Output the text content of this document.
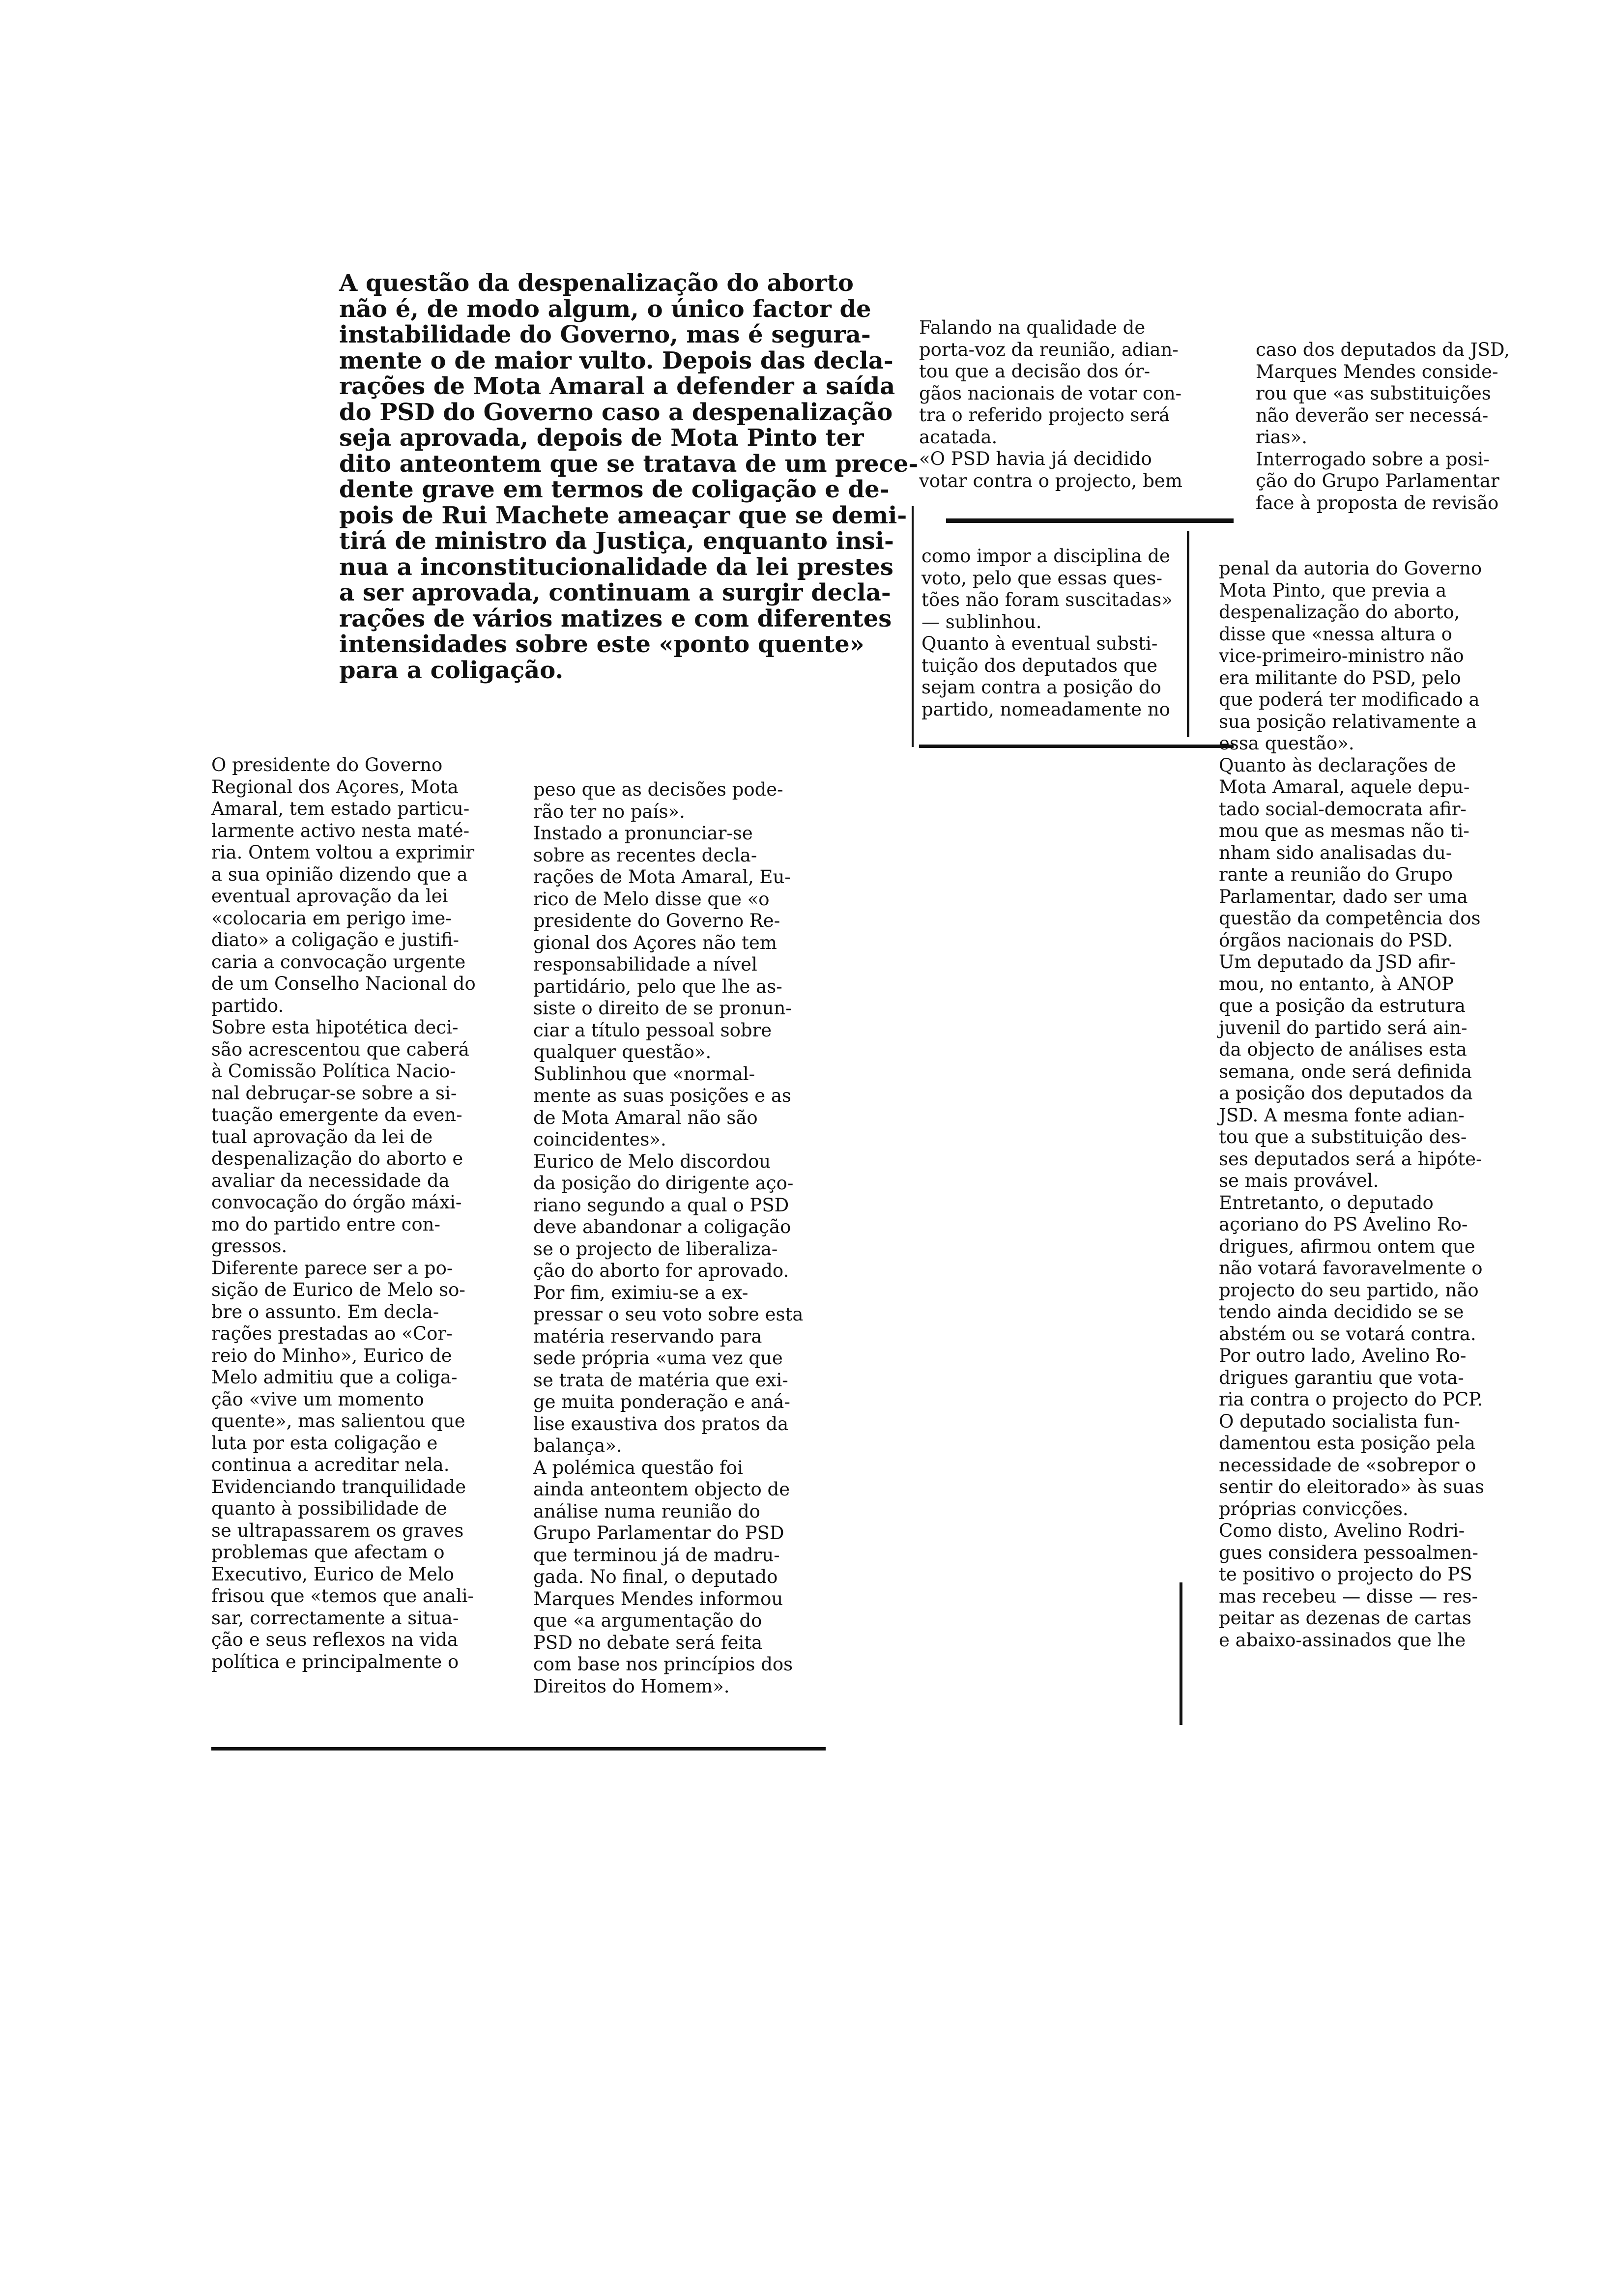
A questão da despenalização do aborto
não é, de modo algum, o único factor de
instabilidade do Governo, mas é segura-
mente o de maior vulto. Depois das decla-
rações de Mota Amaral a defender a saída
do PSD do Governo caso a despenalização
seja aprovada, depois de Mota Pinto ter
dito anteontem que se tratava de um prece-
dente grave em termos de coligação e de-
pois de Rui Machete ameaçar que se demi-
tirá de ministro da Justiça, enquanto insi-
nua a inconstitucionalidade da lei prestes
a ser aprovada, continuam a surgir decla-
rações de vários matizes e com diferentes
intensidades sobre este «ponto quente»
para a coligação.

O presidente do Governo
Regional dos Açores, Mota
Amaral, tem estado particu-
larmente activo nesta maté-
ria. Ontem voltou a exprimir
a sua opinião dizendo que a
eventual aprovação da lei
«colocaria em perigo ime-
diato» a coligação e justifi-
caria a convocação urgente
de um Conselho Nacional do
partido.
Sobre esta hipotética deci-
são acrescentou que caberá
à Comissão Política Nacio-
nal debruçar-se sobre a si-
tuação emergente da even-
tual aprovação da lei de
despenalização do aborto e
avaliar da necessidade da
convocação do órgão máxi-
mo do partido entre con-
gressos.
Diferente parece ser a po-
sição de Eurico de Melo so-
bre o assunto. Em decla-
rações prestadas ao «Cor-
reio do Minho», Eurico de
Melo admitiu que a coliga-
ção «vive um momento
quente», mas salientou que
luta por esta coligação e
continua a acreditar nela.
Evidenciando tranquilidade
quanto à possibilidade de
se ultrapassarem os graves
problemas que afectam o
Executivo, Eurico de Melo
frisou que «temos que anali-
sar, correctamente a situa-
ção e seus reflexos na vida
política e principalmente o

peso que as decisões pode-
rão ter no país».
Instado a pronunciar-se
sobre as recentes decla-
rações de Mota Amaral, Eu-
rico de Melo disse que «o
presidente do Governo Re-
gional dos Açores não tem
responsabilidade a nível
partidário, pelo que lhe as-
siste o direito de se pronun-
ciar a título pessoal sobre
qualquer questão».
Sublinhou que «normal-
mente as suas posições e as
de Mota Amaral não são
coincidentes».
Eurico de Melo discordou
da posição do dirigente aço-
riano segundo a qual o PSD
deve abandonar a coligação
se o projecto de liberaliza-
ção do aborto for aprovado.
Por fim, eximiu-se a ex-
pressar o seu voto sobre esta
matéria reservando para
sede própria «uma vez que
se trata de matéria que exi-
ge muita ponderação e aná-
lise exaustiva dos pratos da
balança».
A polémica questão foi
ainda anteontem objecto de
análise numa reunião do
Grupo Parlamentar do PSD
que terminou já de madru-
gada. No final, o deputado
Marques Mendes informou
que «a argumentação do
PSD no debate será feita
com base nos princípios dos
Direitos do Homem».

Falando na qualidade de
porta-voz da reunião, adian-
tou que a decisão dos ór-
gãos nacionais de votar con-
tra o referido projecto será
acatada.
«O PSD havia já decidido
votar contra o projecto, bem

como impor a disciplina de
voto, pelo que essas ques-
tões não foram suscitadas»
— sublinhou.
Quanto à eventual substi-
tuição dos deputados que
sejam contra a posição do
partido, nomeadamente no

caso dos deputados da JSD,
Marques Mendes conside-
rou que «as substituições
não deverão ser necessá-
rias».
Interrogado sobre a posi-
ção do Grupo Parlamentar
face à proposta de revisão

penal da autoria do Governo
Mota Pinto, que previa a
despenalização do aborto,
disse que «nessa altura o
vice-primeiro-ministro não
era militante do PSD, pelo
que poderá ter modificado a
sua posição relativamente a
essa questão».
Quanto às declarações de
Mota Amaral, aquele depu-
tado social-democrata afir-
mou que as mesmas não ti-
nham sido analisadas du-
rante a reunião do Grupo
Parlamentar, dado ser uma
questão da competência dos
órgãos nacionais do PSD.
Um deputado da JSD afir-
mou, no entanto, à ANOP
que a posição da estrutura
juvenil do partido será ain-
da objecto de análises esta
semana, onde será definida
a posição dos deputados da
JSD. A mesma fonte adian-
tou que a substituição des-
ses deputados será a hipóte-
se mais provável.
Entretanto, o deputado
açoriano do PS Avelino Ro-
drigues, afirmou ontem que
não votará favoravelmente o
projecto do seu partido, não
tendo ainda decidido se se
abstém ou se votará contra.
Por outro lado, Avelino Ro-
drigues garantiu que vota-
ria contra o projecto do PCP.
O deputado socialista fun-
damentou esta posição pela
necessidade de «sobrepor o
sentir do eleitorado» às suas
próprias convicções.
Como disto, Avelino Rodri-
gues considera pessoalmen-
te positivo o projecto do PS
mas recebeu — disse — res-
peitar as dezenas de cartas
e abaixo-assinados que lhe
